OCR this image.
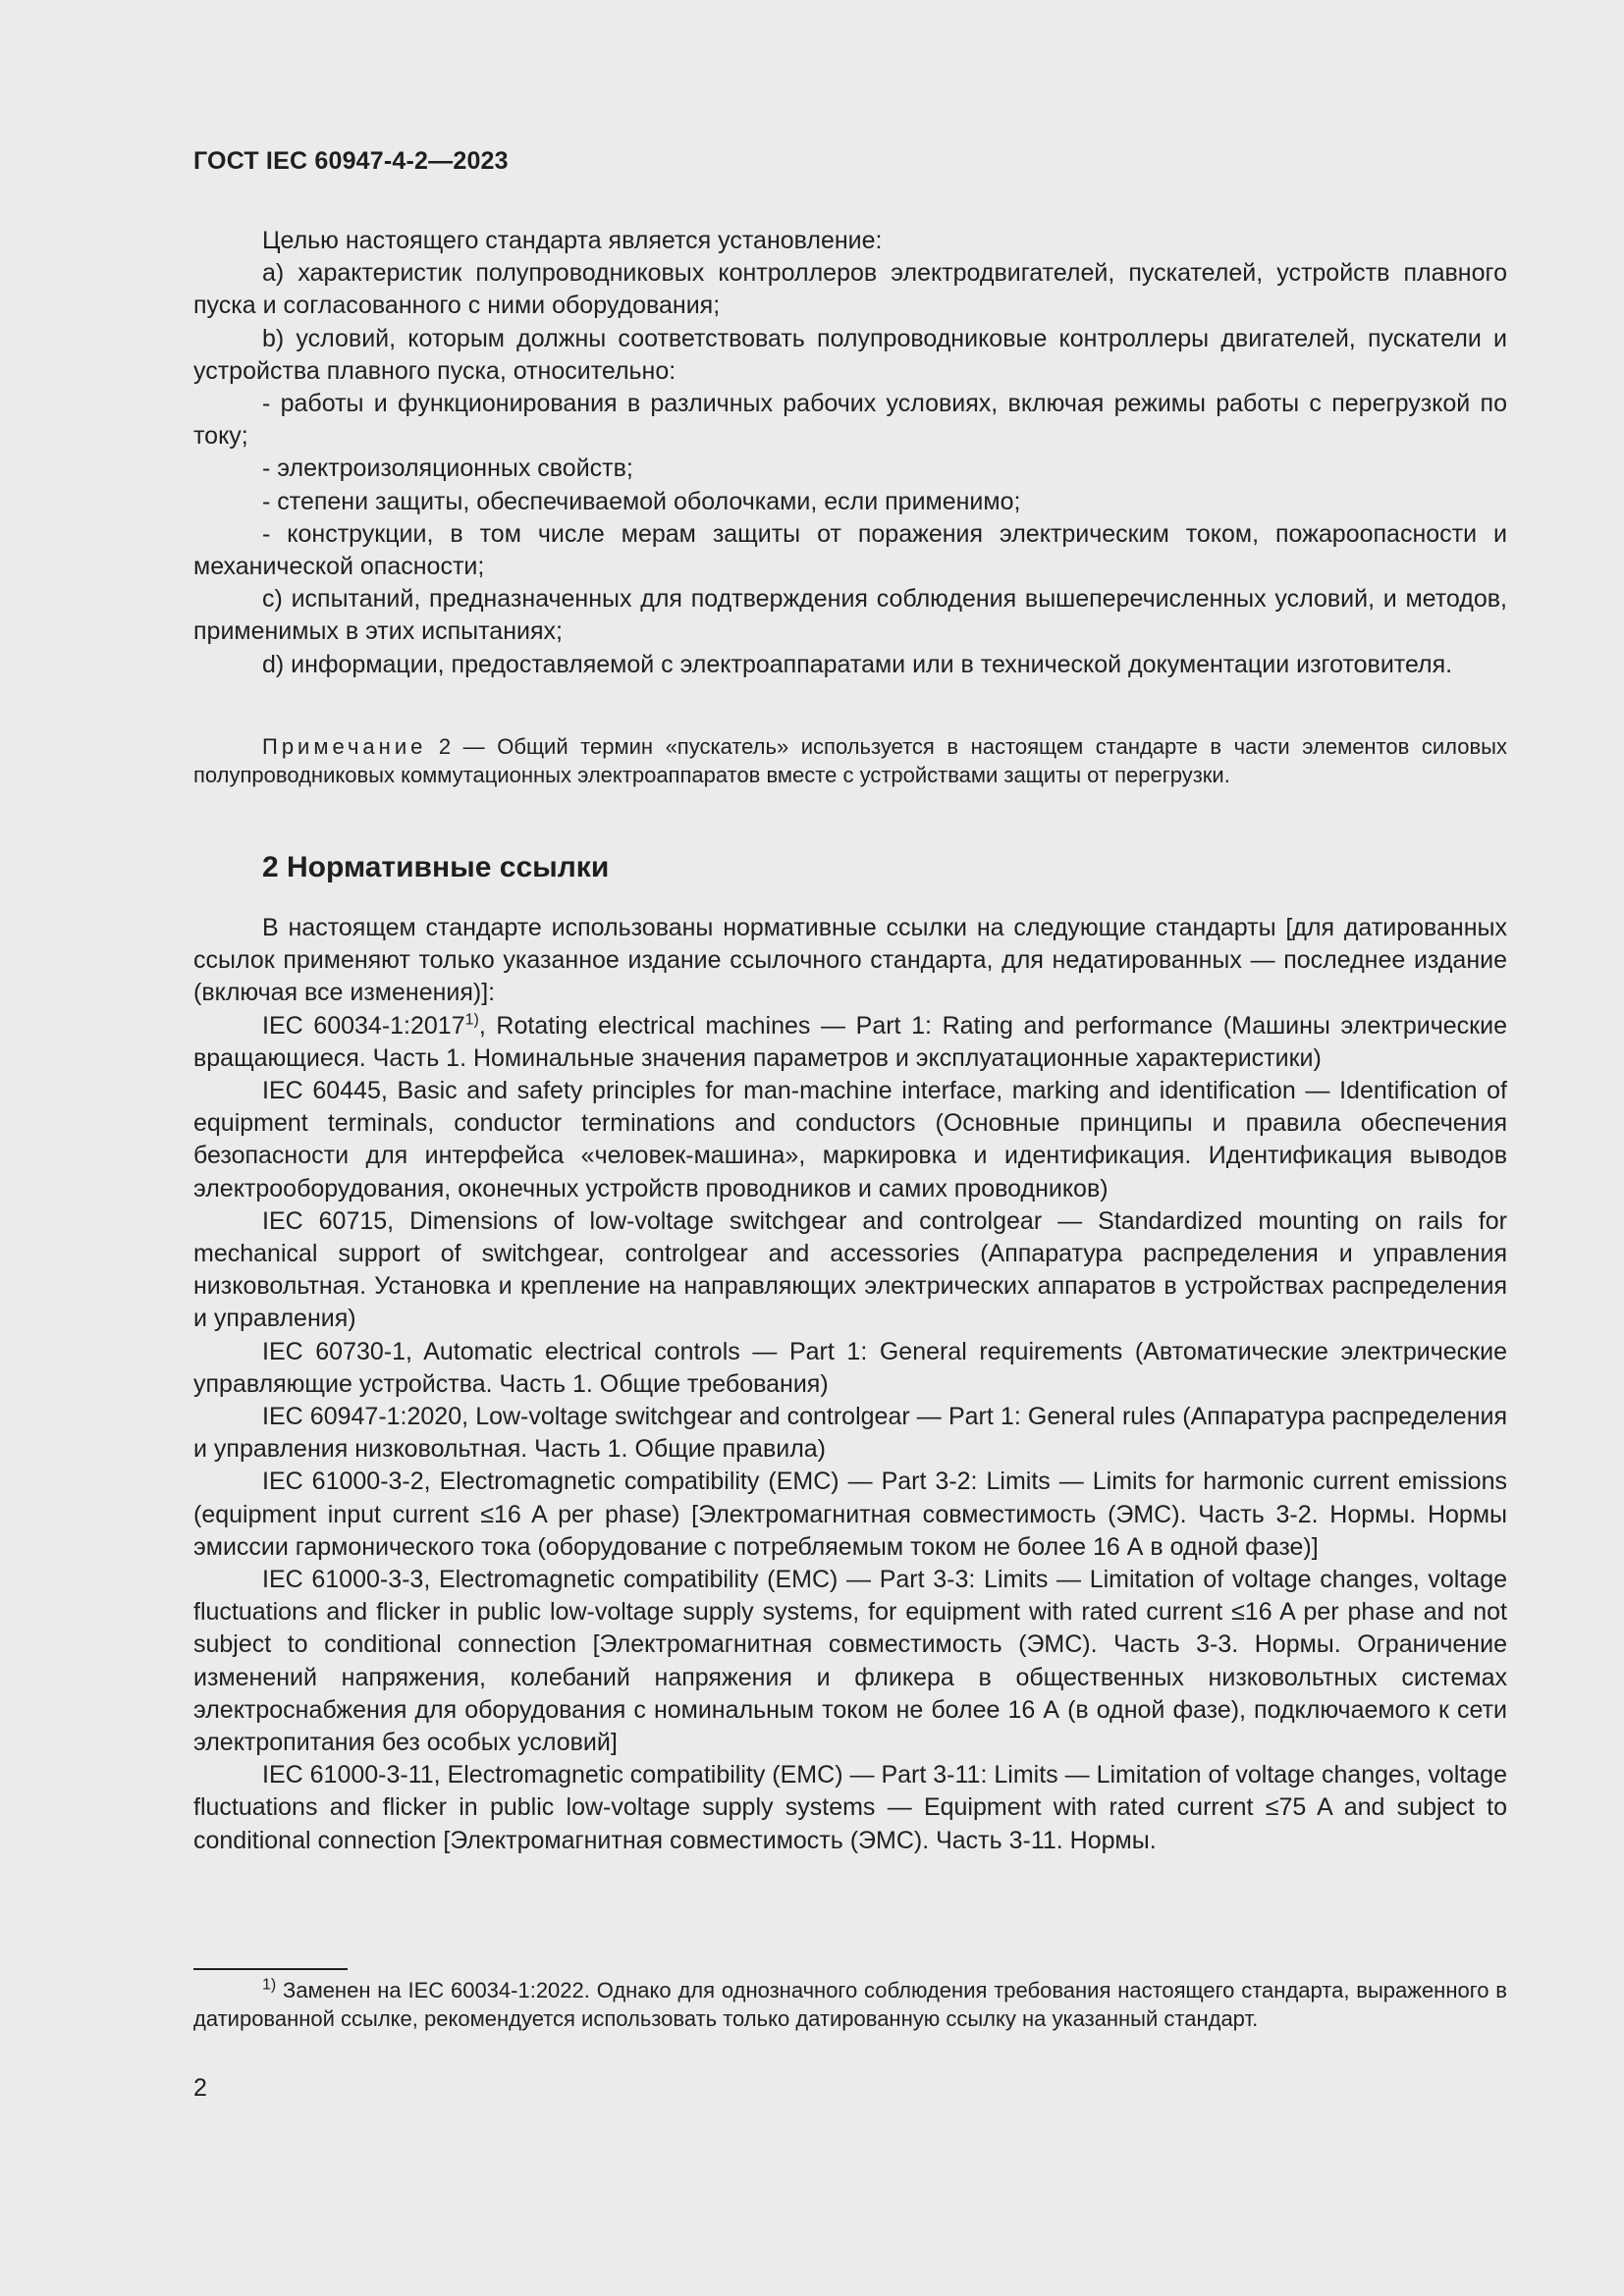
ГОСТ IEC 60947-4-2—2023

Целью настоящего стандарта является установление:

а) характеристик полупроводниковых контроллеров электродвигателей, пускателей, устройств плавного пуска и согласованного с ними оборудования;

b) условий, которым должны соответствовать полупроводниковые контроллеры двигателей, пускатели и устройства плавного пуска, относительно:

- работы и функционирования в различных рабочих условиях, включая режимы работы с перегрузкой по току;

- электроизоляционных свойств;

- степени защиты, обеспечиваемой оболочками, если применимо;

- конструкции, в том числе мерам защиты от поражения электрическим током, пожароопасности и механической опасности;

с) испытаний, предназначенных для подтверждения соблюдения вышеперечисленных условий, и методов, применимых в этих испытаниях;

d) информации, предоставляемой с электроаппаратами или в технической документации изготовителя.

Примечание 2 — Общий термин «пускатель» используется в настоящем стандарте в части элементов силовых полупроводниковых коммутационных электроаппаратов вместе с устройствами защиты от перегрузки.

2 Нормативные ссылки

В настоящем стандарте использованы нормативные ссылки на следующие стандарты [для датированных ссылок применяют только указанное издание ссылочного стандарта, для недатированных — последнее издание (включая все изменения)]:

IEC 60034-1:2017$^{1)}$, Rotating electrical machines — Part 1: Rating and performance (Машины электрические вращающиеся. Часть 1. Номинальные значения параметров и эксплуатационные характеристики)

IEC 60445, Basic and safety principles for man-machine interface, marking and identification — Identification of equipment terminals, conductor terminations and conductors (Основные принципы и правила обеспечения безопасности для интерфейса «человек-машина», маркировка и идентификация. Идентификация выводов электрооборудования, оконечных устройств проводников и самих проводников)

IEC 60715, Dimensions of low-voltage switchgear and controlgear — Standardized mounting on rails for mechanical support of switchgear, controlgear and accessories (Аппаратура распределения и управления низковольтная. Установка и крепление на направляющих электрических аппаратов в устройствах распределения и управления)

IEC 60730-1, Automatic electrical controls — Part 1: General requirements (Автоматические электрические управляющие устройства. Часть 1. Общие требования)

IEC 60947-1:2020, Low-voltage switchgear and controlgear — Part 1: General rules (Аппаратура распределения и управления низковольтная. Часть 1. Общие правила)

IEC 61000-3-2, Electromagnetic compatibility (EMC) — Part 3-2: Limits — Limits for harmonic current emissions (equipment input current ≤16 A per phase) [Электромагнитная совместимость (ЭМС). Часть 3-2. Нормы. Нормы эмиссии гармонического тока (оборудование с потребляемым током не более 16 А в одной фазе)]

IEC 61000-3-3, Electromagnetic compatibility (EMC) — Part 3-3: Limits — Limitation of voltage changes, voltage fluctuations and flicker in public low-voltage supply systems, for equipment with rated current ≤16 A per phase and not subject to conditional connection [Электромагнитная совместимость (ЭМС). Часть 3-3. Нормы. Ограничение изменений напряжения, колебаний напряжения и фликера в общественных низковольтных системах электроснабжения для оборудования с номинальным током не более 16 А (в одной фазе), подключаемого к сети электропитания без особых условий]

IEC 61000-3-11, Electromagnetic compatibility (EMC) — Part 3-11: Limits — Limitation of voltage changes, voltage fluctuations and flicker in public low-voltage supply systems — Equipment with rated current ≤75 A and subject to conditional connection [Электромагнитная совместимость (ЭМС). Часть 3-11. Нормы.

$^{1)}$ Заменен на IEC 60034-1:2022. Однако для однозначного соблюдения требования настоящего стандарта, выраженного в датированной ссылке, рекомендуется использовать только датированную ссылку на указанный стандарт.

2
